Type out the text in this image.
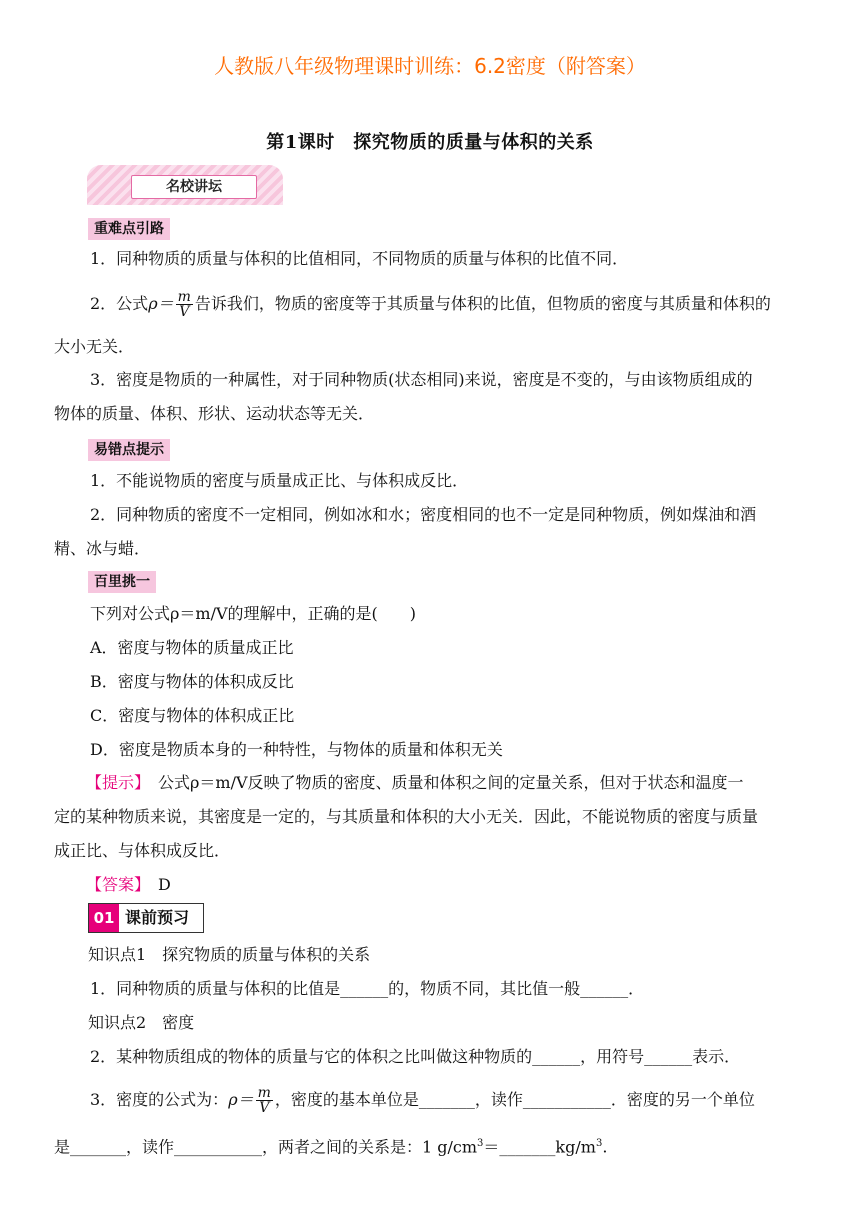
人教版八年级物理课时训练：6.2密度（附答案）
第1课时　探究物质的质量与体积的关系
名校讲坛
重难点引路
1．同种物质的质量与体积的比值相同，不同物质的质量与体积的比值不同．
2．公式$\rho= \frac{m}{V}$ 告诉我们，物质的密度等于其质量与体积的比值，但物质的密度与其质量和体积的
大小无关．
3．密度是物质的一种属性，对于同种物质(状态相同)来说，密度是不变的，与由该物质组成的
物体的质量、体积、形状、运动状态等无关．
易错点提示
1．不能说物质的密度与质量成正比、与体积成反比．
2．同种物质的密度不一定相同，例如冰和水；密度相同的也不一定是同种物质，例如煤油和酒
精、冰与蜡．
百里挑一
下列对公式ρ＝m/V的理解中，正确的是(　　)
A．密度与物体的质量成正比
B．密度与物体的体积成反比
C．密度与物体的体积成正比
D．密度是物质本身的一种特性，与物体的质量和体积无关
【提示】　公式ρ＝m/V反映了物质的密度、质量和体积之间的定量关系，但对于状态和温度一
定的某种物质来说，其密度是一定的，与其质量和体积的大小无关．因此，不能说物质的密度与质量
成正比、与体积成反比．
【答案】　D
01 课前预习
知识点1　探究物质的质量与体积的关系
1．同种物质的质量与体积的比值是______的，物质不同，其比值一般______．
知识点2　密度
2．某种物质组成的物体的质量与它的体积之比叫做这种物质的______，用符号______表示．
3．密度的公式为：$\rho= \frac{m}{V}$ ，密度的基本单位是_______，读作___________．密度的另一个单位
是_______，读作___________，两者之间的关系是：1 $g/cm^3=\_\_\_\_\_\_\_kg/m^3$.
